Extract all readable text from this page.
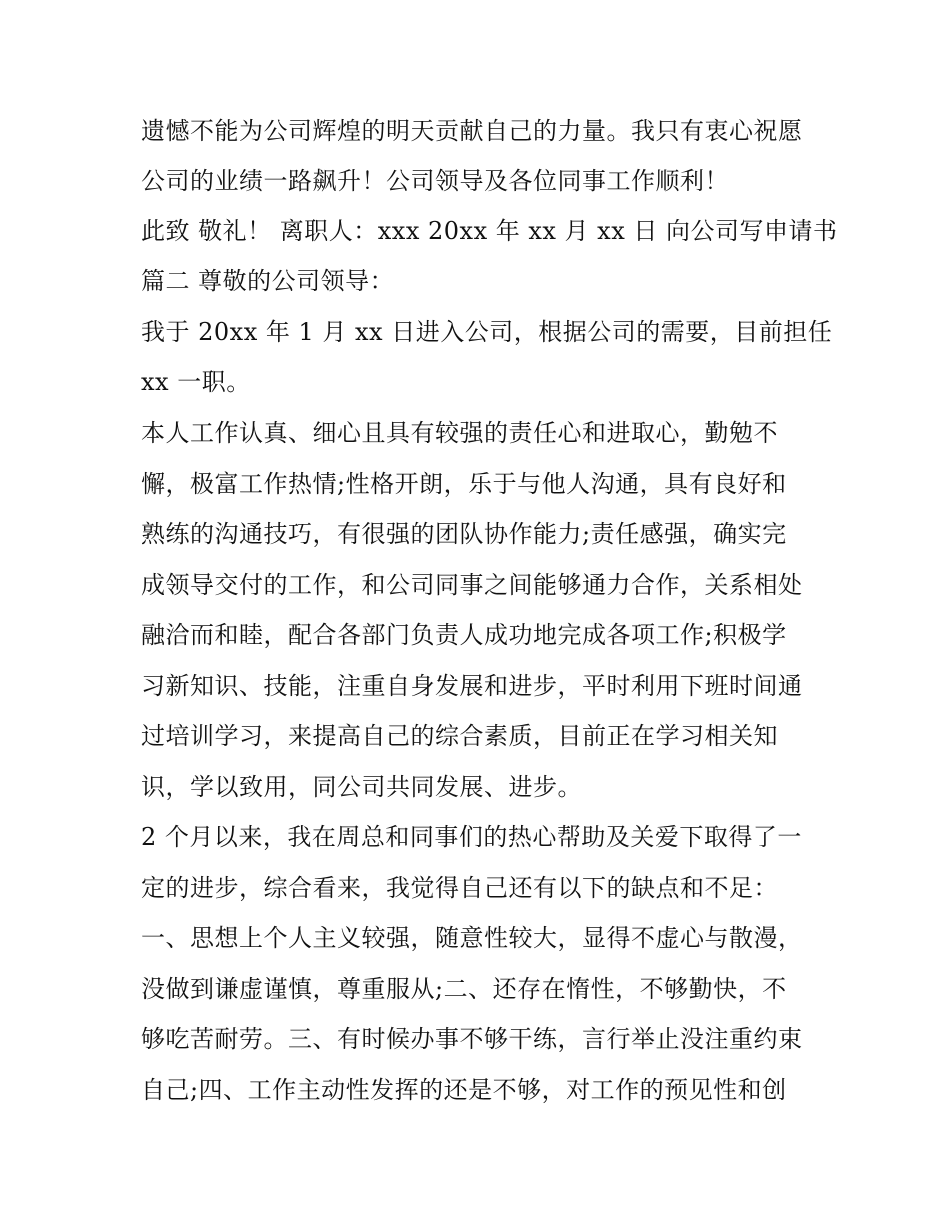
遗憾不能为公司辉煌的明天贡献自己的力量。我只有衷心祝愿
公司的业绩一路飙升！公司领导及各位同事工作顺利！
此致 敬礼！ 离职人：xxx 20xx 年 xx 月 xx 日 向公司写申请书
篇二 尊敬的公司领导：
我于 20xx 年 1 月 xx 日进入公司，根据公司的需要，目前担任
xx 一职。
本人工作认真、细心且具有较强的责任心和进取心，勤勉不
懈，极富工作热情;性格开朗，乐于与他人沟通，具有良好和
熟练的沟通技巧，有很强的团队协作能力;责任感强，确实完
成领导交付的工作，和公司同事之间能够通力合作，关系相处
融洽而和睦，配合各部门负责人成功地完成各项工作;积极学
习新知识、技能，注重自身发展和进步，平时利用下班时间通
过培训学习，来提高自己的综合素质，目前正在学习相关知
识，学以致用，同公司共同发展、进步。
2 个月以来，我在周总和同事们的热心帮助及关爱下取得了一
定的进步，综合看来，我觉得自己还有以下的缺点和不足：
一、思想上个人主义较强，随意性较大，显得不虚心与散漫，
没做到谦虚谨慎，尊重服从;二、还存在惰性，不够勤快，不
够吃苦耐劳。三、有时候办事不够干练，言行举止没注重约束
自己;四、工作主动性发挥的还是不够，对工作的预见性和创
